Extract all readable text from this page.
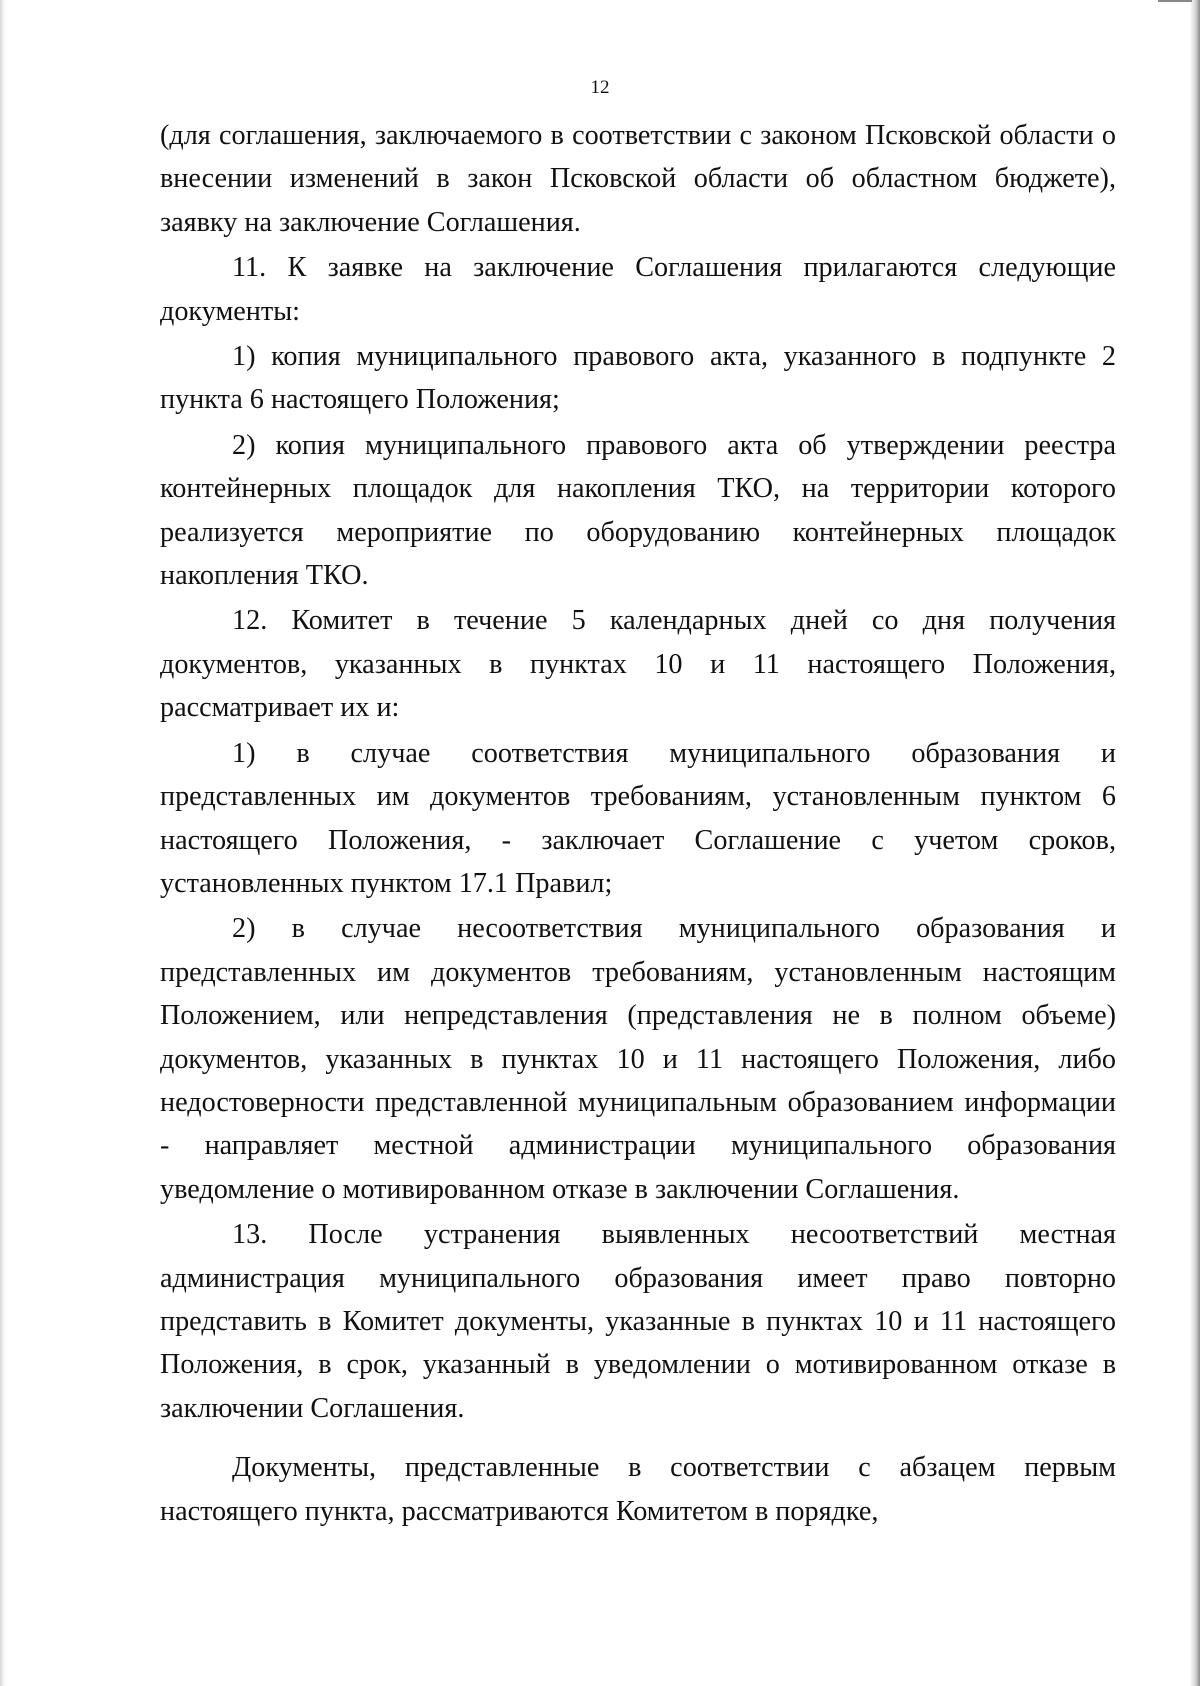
12

(для соглашения, заключаемого в соответствии с законом Псковской области о внесении изменений в закон Псковской области об областном бюджете), заявку на заключение Соглашения.

11. К заявке на заключение Соглашения прилагаются следующие документы:

1) копия муниципального правового акта, указанного в подпункте 2 пункта 6 настоящего Положения;

2) копия муниципального правового акта об утверждении реестра контейнерных площадок для накопления ТКО, на территории которого реализуется мероприятие по оборудованию контейнерных площадок накопления ТКО.

12. Комитет в течение 5 календарных дней со дня получения документов, указанных в пунктах 10 и 11 настоящего Положения, рассматривает их и:

1) в случае соответствия муниципального образования и представленных им документов требованиям, установленным пунктом 6 настоящего Положения, - заключает Соглашение с учетом сроков, установленных пунктом 17.1 Правил;

2) в случае несоответствия муниципального образования и представленных им документов требованиям, установленным настоящим Положением, или непредставления (представления не в полном объеме) документов, указанных в пунктах 10 и 11 настоящего Положения, либо недостоверности представленной муниципальным образованием информации - направляет местной администрации муниципального образования уведомление о мотивированном отказе в заключении Соглашения.

13. После устранения выявленных несоответствий местная администрация муниципального образования имеет право повторно представить в Комитет документы, указанные в пунктах 10 и 11 настоящего Положения, в срок, указанный в уведомлении о мотивированном отказе в заключении Соглашения.

Документы, представленные в соответствии с абзацем первым настоящего пункта, рассматриваются Комитетом в порядке,
